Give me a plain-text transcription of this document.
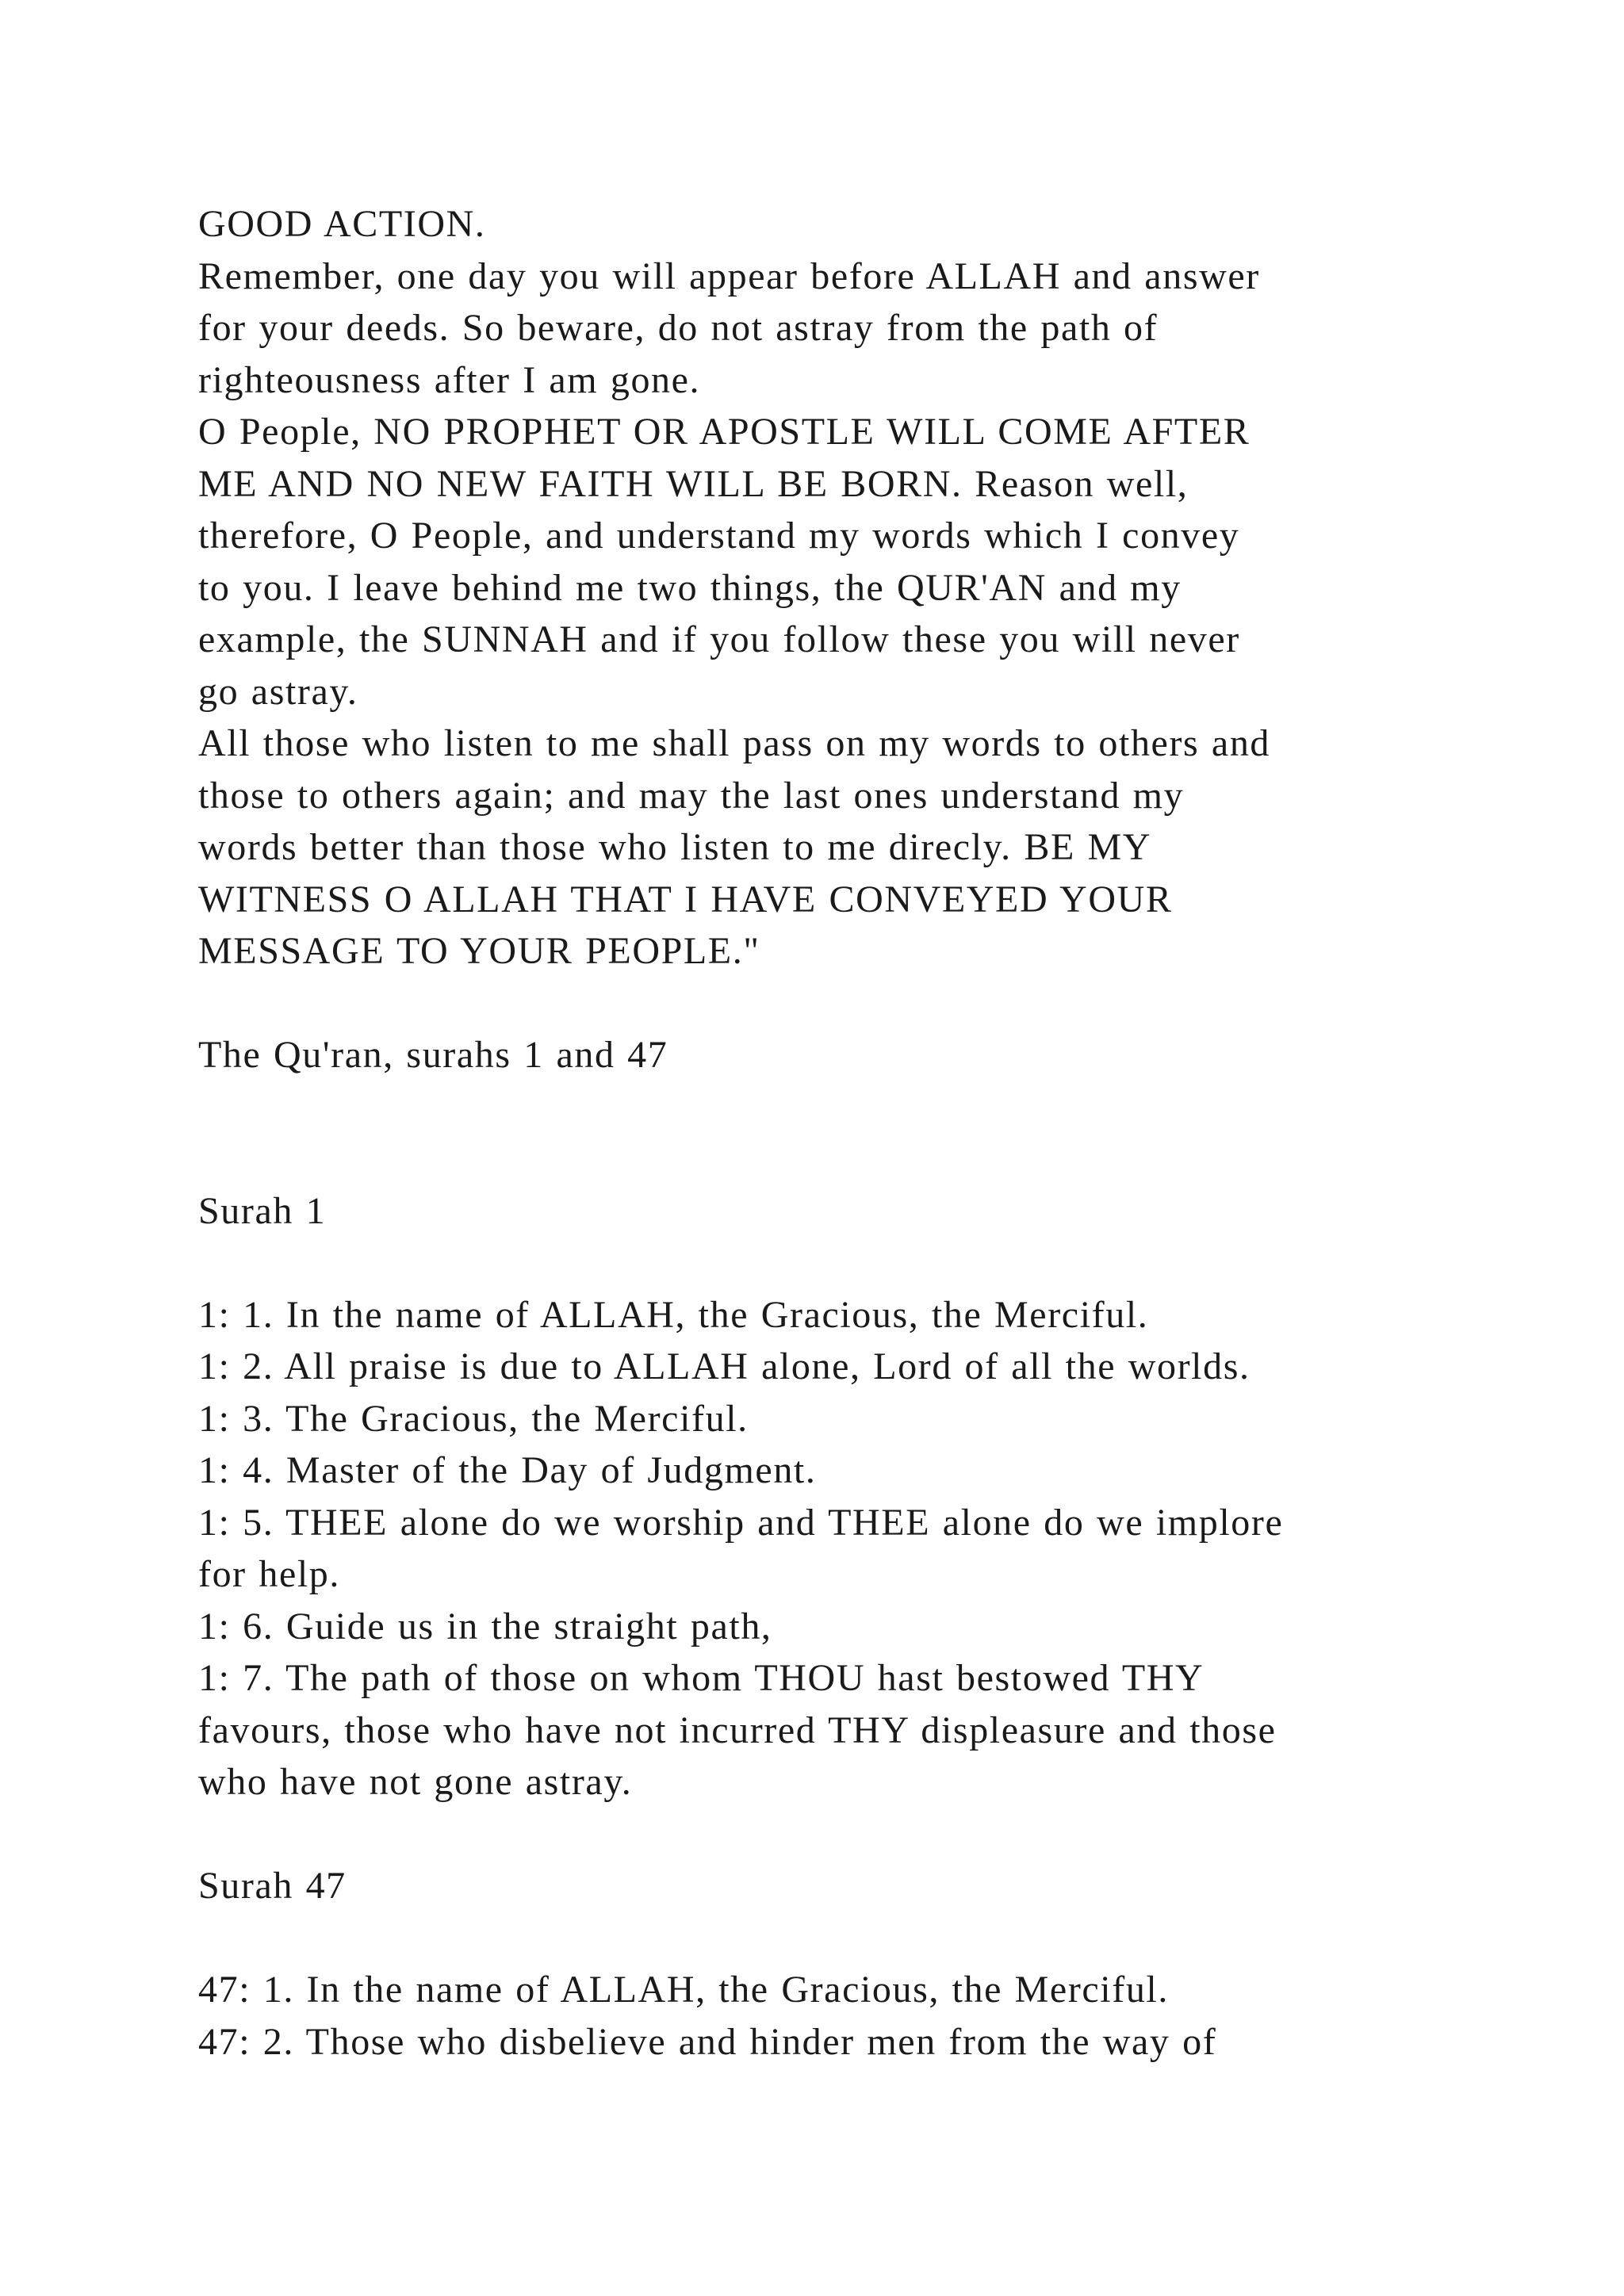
GOOD ACTION.
Remember, one day you will appear before ALLAH and answer
for your deeds. So beware, do not astray from the path of
righteousness after I am gone.
O People, NO PROPHET OR APOSTLE WILL COME AFTER
ME AND NO NEW FAITH WILL BE BORN. Reason well,
therefore, O People, and understand my words which I convey
to you. I leave behind me two things, the QUR'AN and my
example, the SUNNAH and if you follow these you will never
go astray.
All those who listen to me shall pass on my words to others and
those to others again; and may the last ones understand my
words better than those who listen to me direcly. BE MY
WITNESS O ALLAH THAT I HAVE CONVEYED YOUR
MESSAGE TO YOUR PEOPLE."
The Qu'ran, surahs 1 and 47
Surah 1
1: 1. In the name of ALLAH, the Gracious, the Merciful.
1: 2. All praise is due to ALLAH alone, Lord of all the worlds.
1: 3. The Gracious, the Merciful.
1: 4. Master of the Day of Judgment.
1: 5. THEE alone do we worship and THEE alone do we implore
for help.
1: 6. Guide us in the straight path,
1: 7. The path of those on whom THOU hast bestowed THY
favours, those who have not incurred THY displeasure and those
who have not gone astray.
Surah 47
47: 1. In the name of ALLAH, the Gracious, the Merciful.
47: 2. Those who disbelieve and hinder men from the way of
